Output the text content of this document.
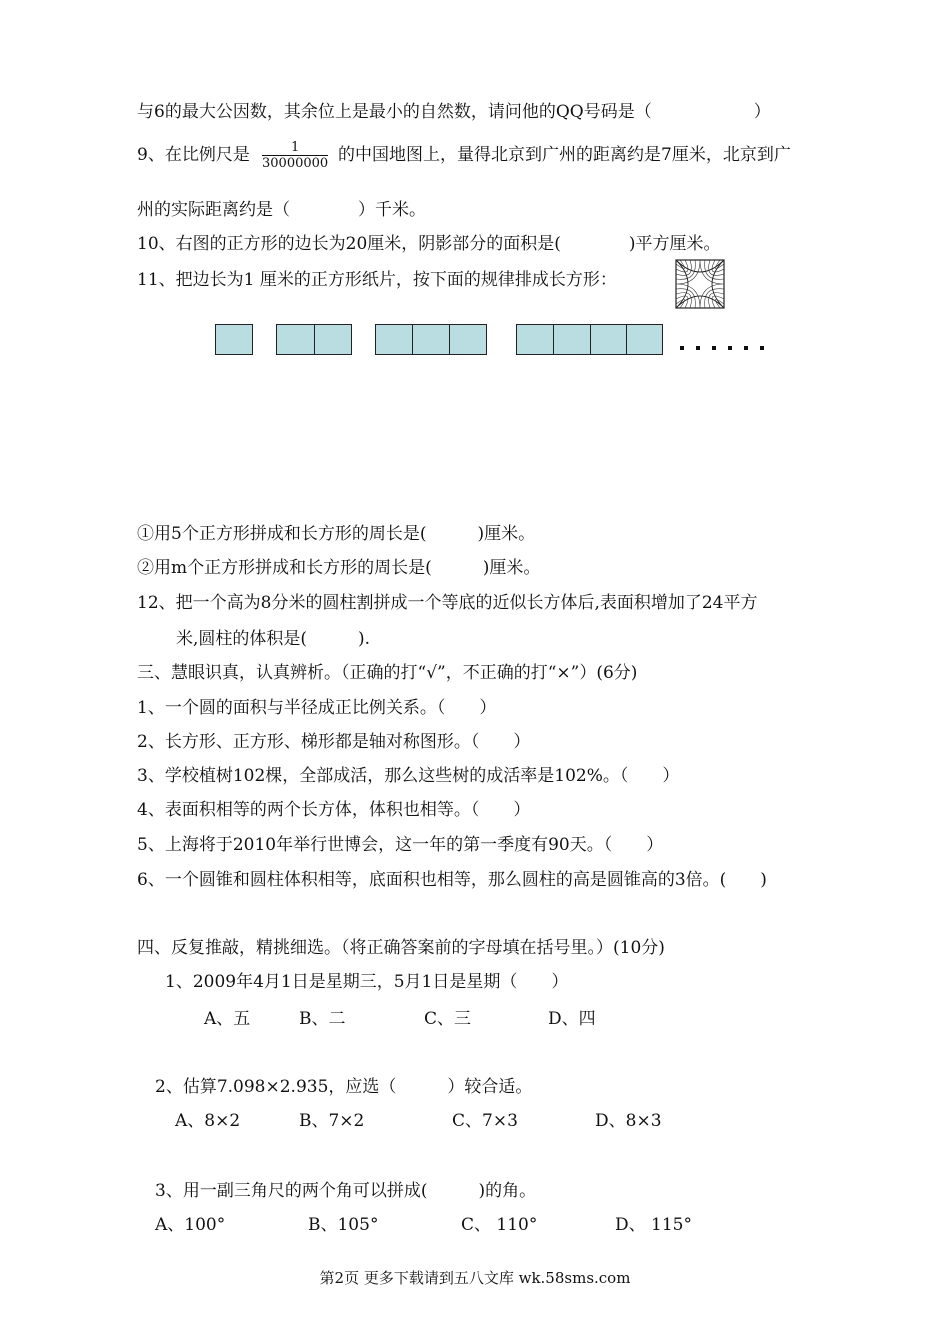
与6的最大公因数，其余位上是最小的自然数，请问他的QQ号码是（　　　　　　）
9、在比例尺是 $\frac{1}{30000000}$ 的中国地图上，量得北京到广州的距离约是7厘米，北京到广
州的实际距离约是（　　　　）千米。
10、右图的正方形的边长为20厘米，阴影部分的面积是(　　　　)平方厘米。
11、把边长为1 厘米的正方形纸片，按下面的规律排成长方形：
①用5个正方形拼成和长方形的周长是(　　　)厘米。
②用m个正方形拼成和长方形的周长是(　　　)厘米。
12、把一个高为8分米的圆柱割拼成一个等底的近似长方体后,表面积增加了24平方
米,圆柱的体积是(　　　).
三、慧眼识真，认真辨析。（正确的打“√”，不正确的打“×”）(6分)
1、一个圆的面积与半径成正比例关系。（　　）
2、长方形、正方形、梯形都是轴对称图形。（　　）
3、学校植树102棵，全部成活，那么这些树的成活率是102%。（　　）
4、表面积相等的两个长方体，体积也相等。（　　）
5、上海将于2010年举行世博会，这一年的第一季度有90天。（　　）
6、一个圆锥和圆柱体积相等，底面积也相等，那么圆柱的高是圆锥高的3倍。(　　)
四、反复推敲，精挑细选。（将正确答案前的字母填在括号里。）(10分)
1、2009年4月1日是星期三，5月1日是星期（　　）
A、五	B、二	C、三	D、四
2、估算7.098×2.935，应选（　　　）较合适。
A、8×2	B、7×2	C、7×3	D、8×3
3、用一副三角尺的两个角可以拼成(　　　)的角。
A、100°	B、105°	C、 110°	D、 115°
第2页 更多下载请到五八文库 wk.58sms.com
